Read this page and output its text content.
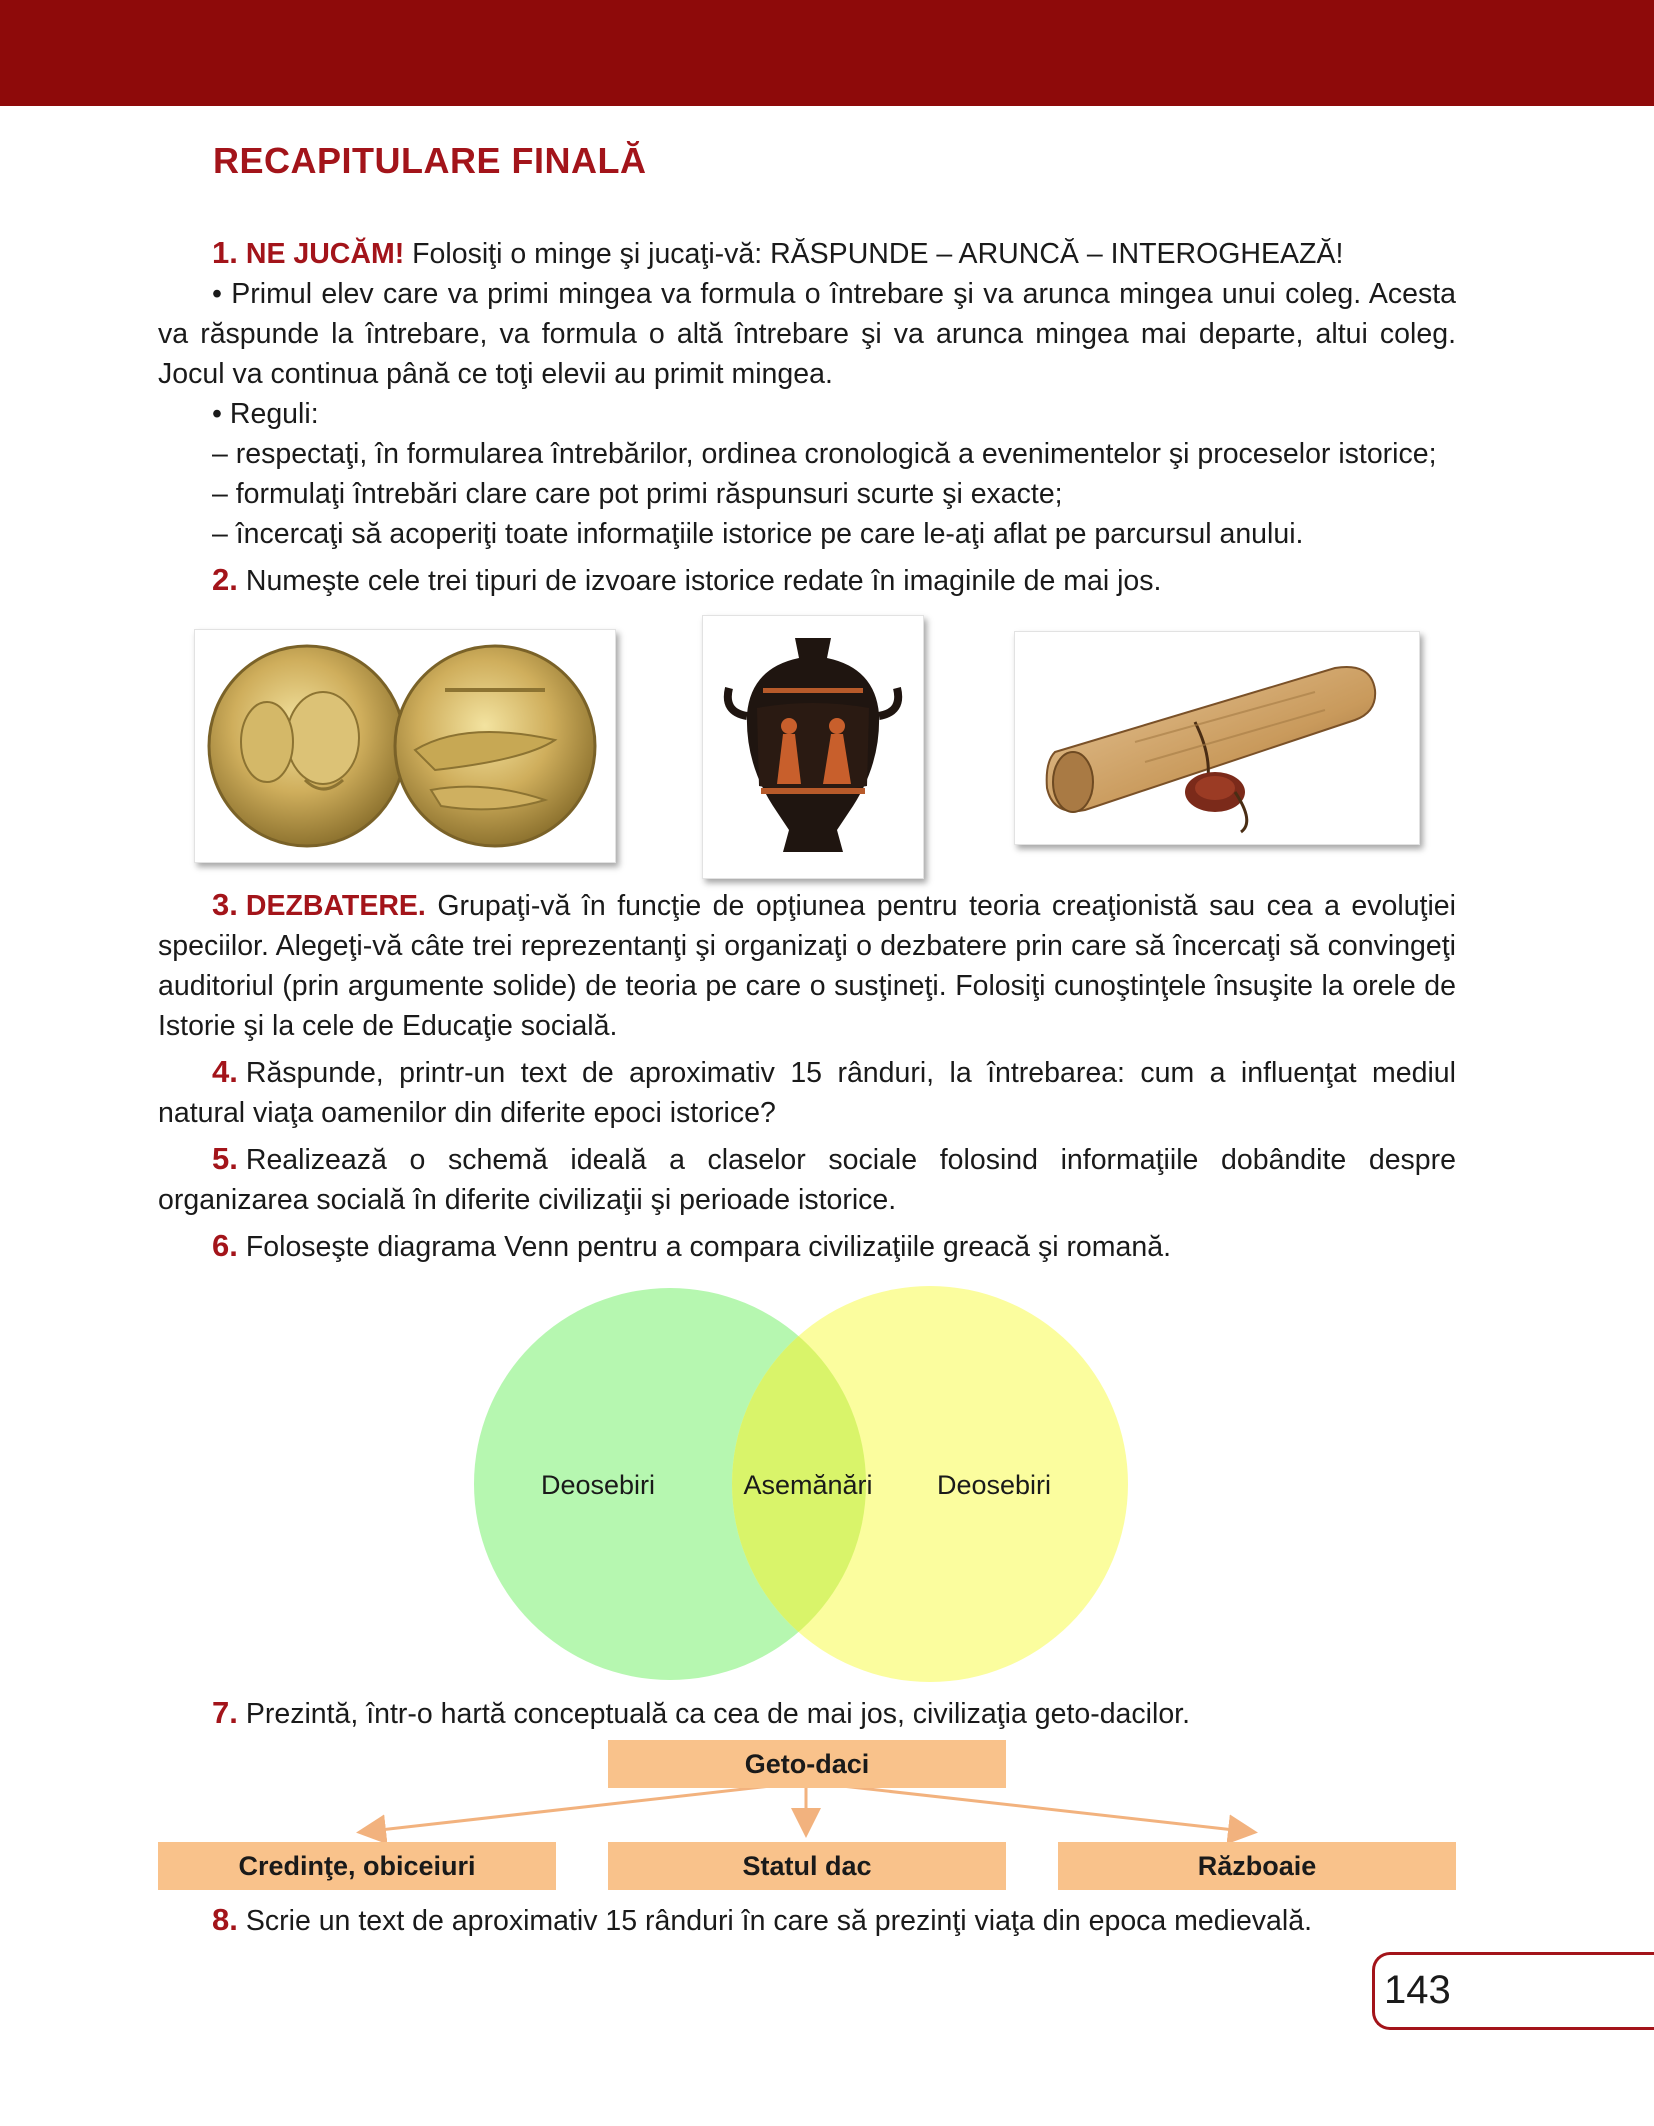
RECAPITULARE FINALĂ

1. NE JUCĂM! Folosiţi o minge şi jucaţi-vă: RĂSPUNDE – ARUNCĂ – INTEROGHEAZĂ!

• Primul elev care va primi mingea va formula o întrebare şi va arunca mingea unui coleg. Acesta va răspunde la întrebare, va formula o altă întrebare şi va arunca mingea mai departe, altui coleg. Jocul va continua până ce toţi elevii au primit mingea.

• Reguli:

– respectaţi, în formularea întrebărilor, ordinea cronologică a evenimentelor şi proceselor istorice;

– formulaţi întrebări clare care pot primi răspunsuri scurte şi exacte;

– încercaţi să acoperiţi toate informaţiile istorice pe care le-aţi aflat pe parcursul anului.

2. Numeşte cele trei tipuri de izvoare istorice redate în imaginile de mai jos.

3. DEZBATERE. Grupaţi-vă în funcţie de opţiunea pentru teoria creaţionistă sau cea a evoluţiei speciilor. Alegeţi-vă câte trei reprezentanţi şi organizaţi o dezbatere prin care să încercaţi să convingeţi auditoriul (prin argumente solide) de teoria pe care o susţineţi. Folosiţi cunoştinţele însuşite la orele de Istorie şi la cele de Educaţie socială.

4. Răspunde, printr-un text de aproximativ 15 rânduri, la întrebarea: cum a influenţat mediul natural viaţa oamenilor din diferite epoci istorice?

5. Realizează o schemă ideală a claselor sociale folosind informaţiile dobândite despre organizarea socială în diferite civilizaţii şi perioade istorice.

6. Foloseşte diagrama Venn pentru a compara civilizaţiile greacă şi romană.

Deosebiri	Asemănări Deosebiri

7. Prezintă, într-o hartă conceptuală ca cea de mai jos, civilizaţia geto-dacilor.

Geto-daci
Credinţe, obiceiuri	Statul dac	Războaie

8. Scrie un text de aproximativ 15 rânduri în care să prezinţi viaţa din epoca medievală.

143
